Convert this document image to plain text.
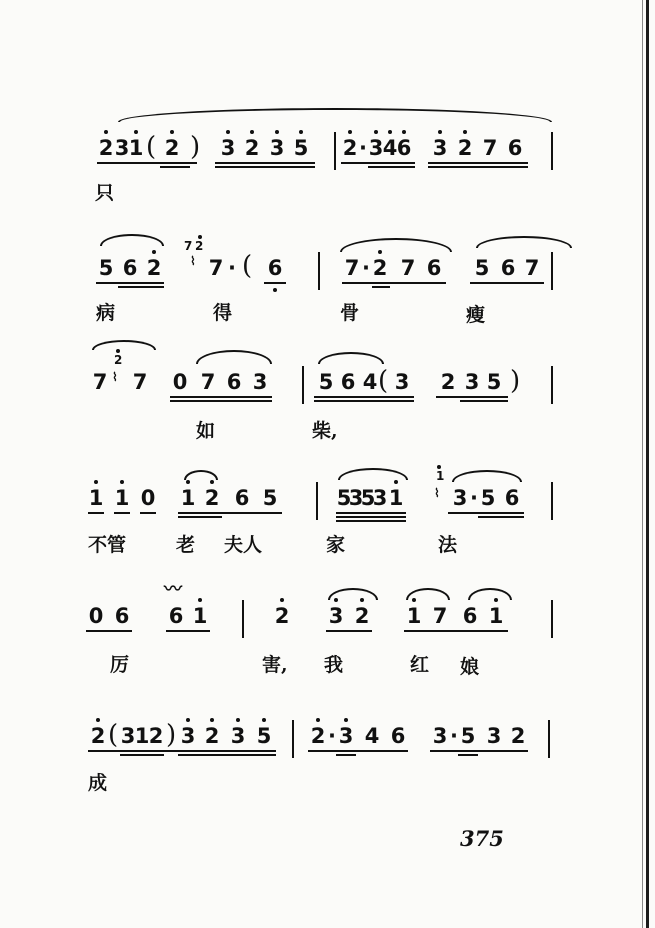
2 3 1 ( 2 ) 3 2 3 5 2 · 3 4 6 3 2 7 6
只
5 6 2
7 2
⌇ 7 · ( 6	7 · 2 7 6 5 6 7
病	得	骨	瘦
7
2
⌇ 7 0 7 6 3 5 6 4 ( 3 2 3 5 )
如	柴,
1 1 0 1 2 6 5	5
3
5
3 1
1
⌇ 3 · 5 6
不管	老 夫人	家	法
0 6
〰
6 1	2 3 2 1 7 6 1
厉	害, 我	红 娘
2 ( 3 1 2 ) 3 2 3 5 2 · 3 4 6 3 · 5 3 2
成
375
